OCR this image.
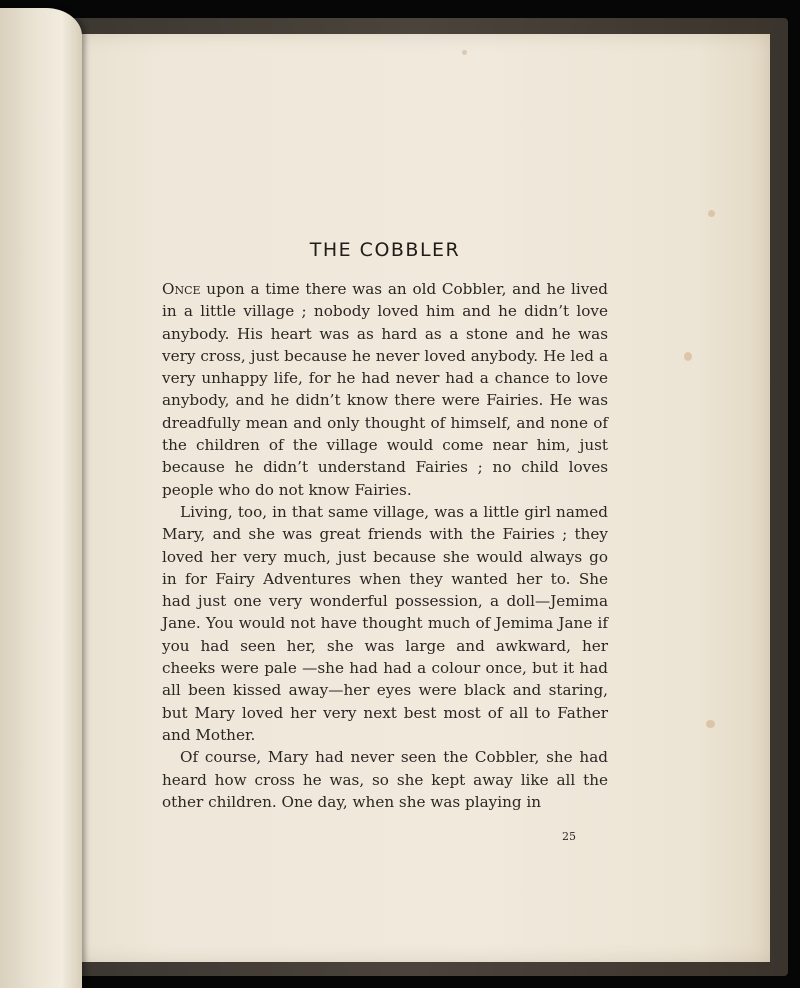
THE COBBLER

Once upon a time there was an old Cobbler, and he lived in a little village ; nobody loved him and he didn’t love anybody. His heart was as hard as a stone and he was very cross, just because he never loved anybody. He led a very unhappy life, for he had never had a chance to love anybody, and he didn’t know there were Fairies. He was dreadfully mean and only thought of himself, and none of the children of the village would come near him, just because he didn’t understand Fairies ; no child loves people who do not know Fairies.

Living, too, in that same village, was a little girl named Mary, and she was great friends with the Fairies ; they loved her very much, just because she would always go in for Fairy Adventures when they wanted her to. She had just one very wonderful possession, a doll—Jemima Jane. You would not have thought much of Jemima Jane if you had seen her, she was large and awkward, her cheeks were pale —she had had a colour once, but it had all been kissed away—her eyes were black and staring, but Mary loved her very next best most of all to Father and Mother.

Of course, Mary had never seen the Cobbler, she had heard how cross he was, so she kept away like all the other children. One day, when she was playing in

25
